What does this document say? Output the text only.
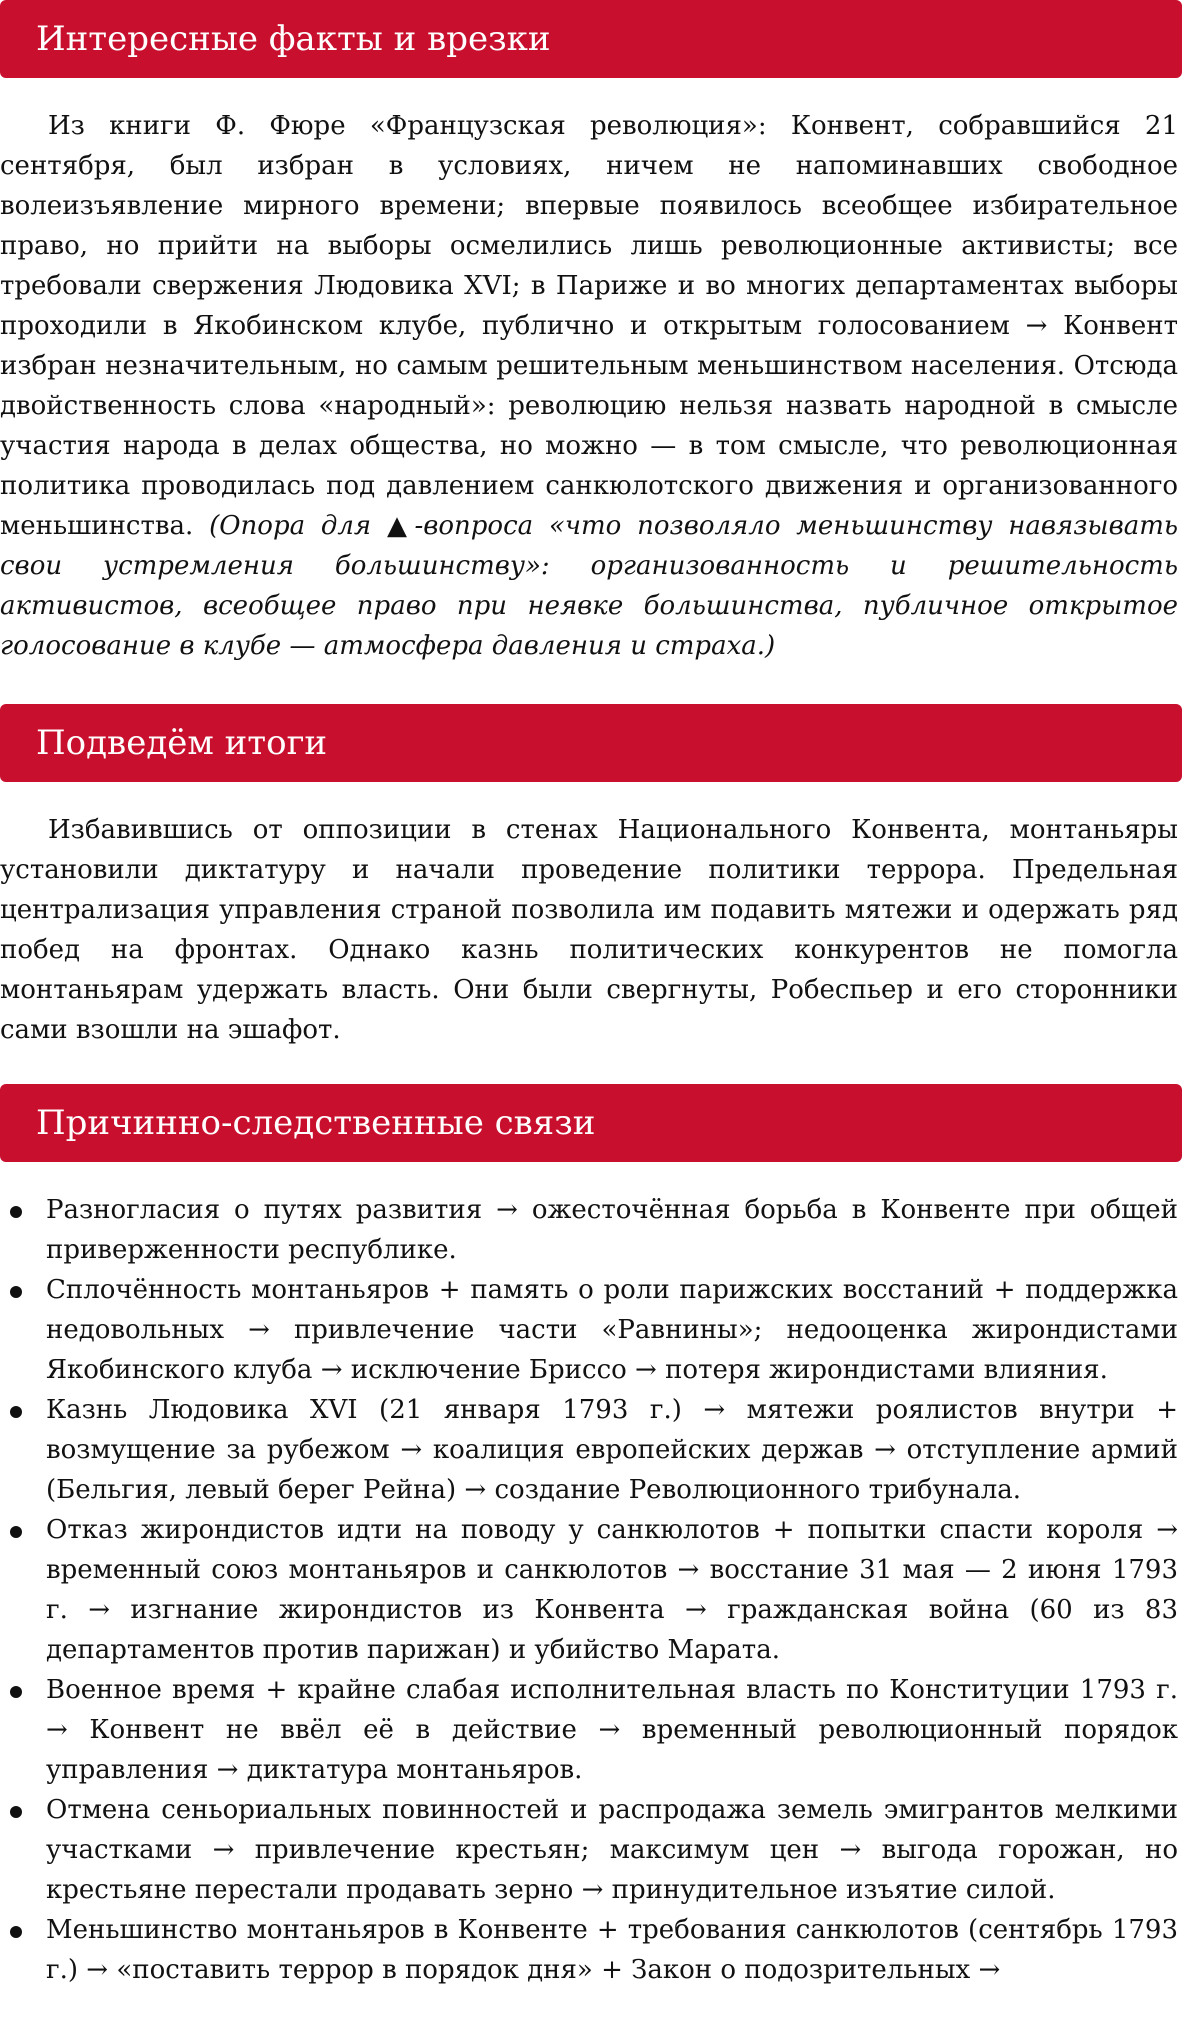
Интересные факты и врезки

Из книги Ф. Фюре «Французская революция»: Конвент, собравшийся 21 сентября, был избран в условиях, ничем не напоминавших свободное волеизъявление мирного времени; впервые появилось всеобщее избирательное право, но прийти на выборы осмелились лишь революционные активисты; все требовали свержения Людовика XVI; в Париже и во многих департаментах выборы проходили в Якобинском клубе, публично и открытым голосованием → Конвент избран незначительным, но самым решительным меньшинством населения. Отсюда двойственность слова «народный»: революцию нельзя назвать народной в смысле участия народа в делах общества, но можно — в том смысле, что революционная политика проводилась под давлением санкюлотского движения и организованного меньшинства. (Опора для ▲-вопроса «что позволяло меньшинству навязывать свои устремления большинству»: организованность и решительность активистов, всеобщее право при неявке большинства, публичное открытое голосование в клубе — атмосфера давления и страха.)

Подведём итоги

Избавившись от оппозиции в стенах Национального Конвента, монтаньяры установили диктатуру и начали проведение политики террора. Предельная централизация управления страной позволила им подавить мятежи и одержать ряд побед на фронтах. Однако казнь политических конкурентов не помогла монтаньярам удержать власть. Они были свергнуты, Робеспьер и его сторонники сами взошли на эшафот.

Причинно-следственные связи
Разногласия о путях развития → ожесточённая борьба в Конвенте при общей приверженности республике.
Сплочённость монтаньяров + память о роли парижских восстаний + поддержка недовольных → привлечение части «Равнины»; недооценка жирондистами Якобинского клуба → исключение Бриссо → потеря жирондистами влияния.
Казнь Людовика XVI (21 января 1793 г.) → мятежи роялистов внутри + возмущение за рубежом → коалиция европейских держав → отступление армий (Бельгия, левый берег Рейна) → создание Революционного трибунала.
Отказ жирондистов идти на поводу у санкюлотов + попытки спасти короля → временный союз монтаньяров и санкюлотов → восстание 31 мая — 2 июня 1793 г. → изгнание жирондистов из Конвента → гражданская война (60 из 83 департаментов против парижан) и убийство Марата.
Военное время + крайне слабая исполнительная власть по Конституции 1793 г. → Конвент не ввёл её в действие → временный революционный порядок управления → диктатура монтаньяров.
Отмена сеньориальных повинностей и распродажа земель эмигрантов мелкими участками → привлечение крестьян; максимум цен → выгода горожан, но крестьяне перестали продавать зерно → принудительное изъятие силой.
Меньшинство монтаньяров в Конвенте + требования санкюлотов (сентябрь 1793 г.) → «поставить террор в порядок дня» + Закон о подозрительных →
